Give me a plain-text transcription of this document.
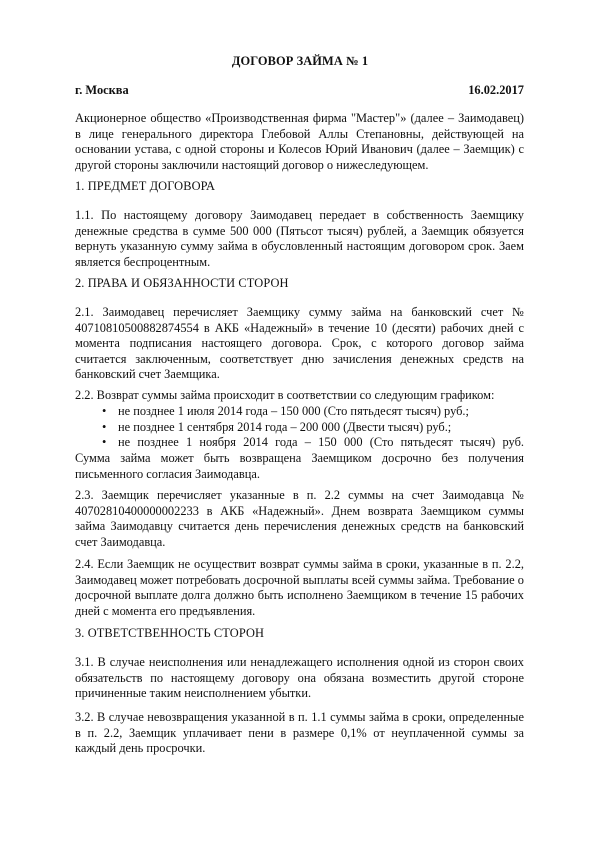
ДОГОВОР ЗАЙМА № 1
г. Москва	16.02.2017
Акционерное общество «Производственная фирма "Мастер"» (далее – Заимодавец) в лице генерального директора Глебовой Аллы Степановны, действующей на основании устава, с одной стороны и Колесов Юрий Иванович (далее – Заемщик) с другой стороны заключили настоящий договор о нижеследующем.
1. ПРЕДМЕТ ДОГОВОРА
1.1. По настоящему договору Заимодавец передает в собственность Заемщику денежные средства в сумме 500 000 (Пятьсот тысяч) рублей, а Заемщик обязуется вернуть указанную сумму займа в обусловленный настоящим договором срок. Заем является беспроцентным.
2. ПРАВА И ОБЯЗАННОСТИ СТОРОН
2.1. Заимодавец перечисляет Заемщику сумму займа на банковский счет № 40710810500882874554 в АКБ «Надежный» в течение 10 (десяти) рабочих дней с момента подписания настоящего договора. Срок, с которого договор займа считается заключенным, соответствует дню зачисления денежных средств на банковский счет Заемщика.
2.2. Возврат суммы займа происходит в соответствии со следующим графиком:
• не позднее 1 июля 2014 года – 150 000 (Сто пятьдесят тысяч) руб.;
• не позднее 1 сентября 2014 года – 200 000 (Двести тысяч) руб.;
• не позднее 1 ноября 2014 года – 150 000 (Сто пятьдесят тысяч) руб.
Сумма займа может быть возвращена Заемщиком досрочно без получения письменного согласия Заимодавца.
2.3. Заемщик перечисляет указанные в п. 2.2 суммы на счет Заимодавца № 40702810400000002233 в АКБ «Надежный». Днем возврата Заемщиком суммы займа Заимодавцу считается день перечисления денежных средств на банковский счет Заимодавца.
2.4. Если Заемщик не осуществит возврат суммы займа в сроки, указанные в п. 2.2, Заимодавец может потребовать досрочной выплаты всей суммы займа. Требование о досрочной выплате долга должно быть исполнено Заемщиком в течение 15 рабочих дней с момента его предъявления.
3. ОТВЕТСТВЕННОСТЬ СТОРОН
3.1. В случае неисполнения или ненадлежащего исполнения одной из сторон своих обязательств по настоящему договору она обязана возместить другой стороне причиненные таким неисполнением убытки.
3.2. В случае невозвращения указанной в п. 1.1 суммы займа в сроки, определенные в п. 2.2, Заемщик уплачивает пени в размере 0,1% от неуплаченной суммы за каждый день просрочки.
